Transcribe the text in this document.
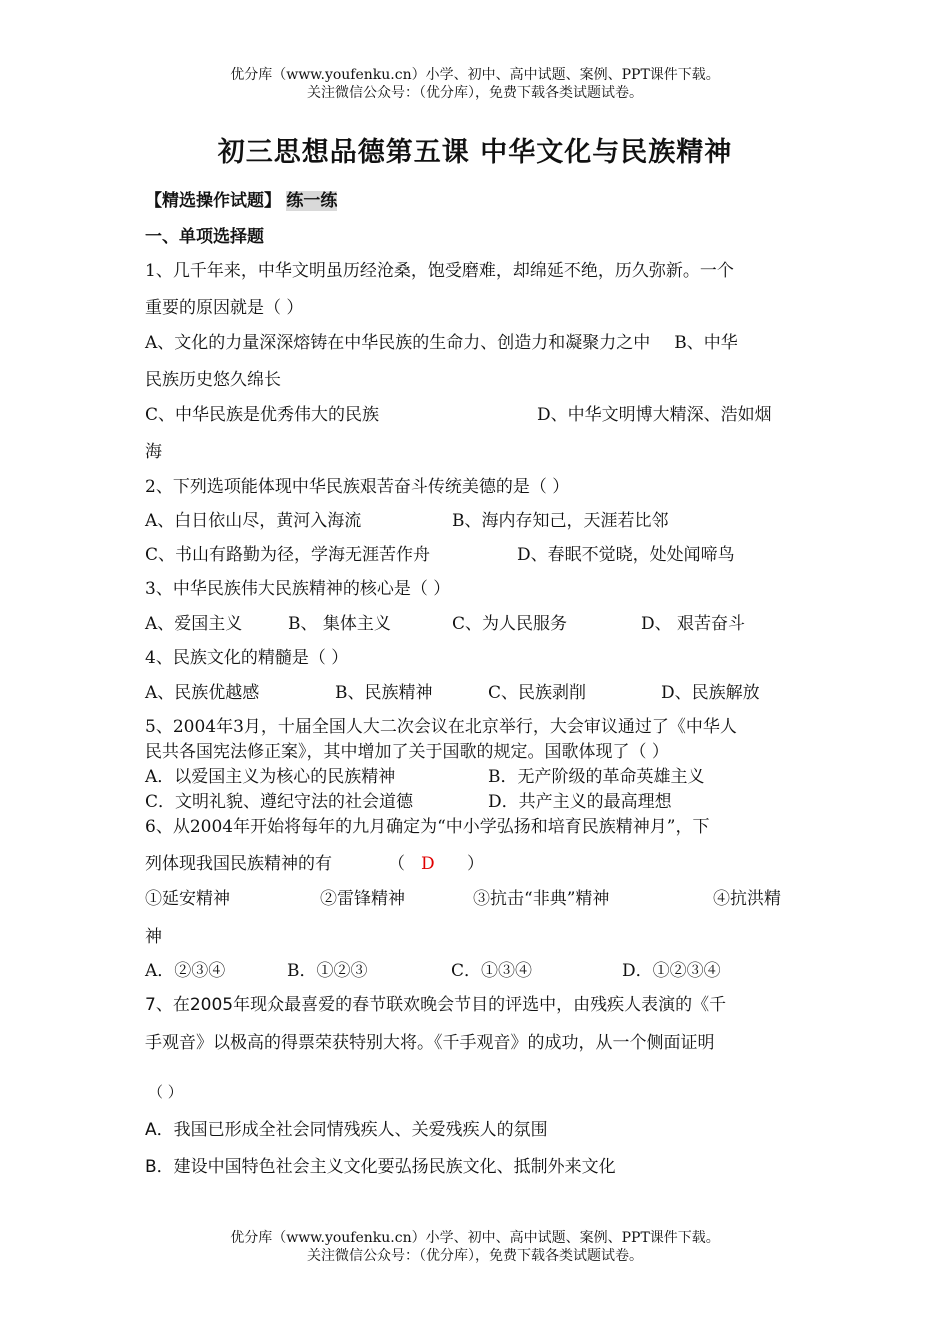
优分库（www.youfenku.cn）小学、初中、高中试题、案例、PPT课件下载。
关注微信公众号：（优分库），免费下载各类试题试卷。
初三思想品德第五课 中华文化与民族精神
【精选操作试题】 练一练
一、单项选择题
1、几千年来，中华文明虽历经沧桑，饱受磨难，却绵延不绝，历久弥新。一个
重要的原因就是（ ）
A、文化的力量深深熔铸在中华民族的生命力、创造力和凝聚力之中 B、中华
民族历史悠久绵长
C、中华民族是优秀伟大的民族	D、中华文明博大精深、浩如烟
海
2、下列选项能体现中华民族艰苦奋斗传统美德的是（ ）
A、白日依山尽，黄河入海流	B、海内存知己，天涯若比邻
C、书山有路勤为径，学海无涯苦作舟	D、春眠不觉晓，处处闻啼鸟
3、中华民族伟大民族精神的核心是（ ）
A、爱国主义	B、 集体主义	C、为人民服务	D、 艰苦奋斗
4、民族文化的精髓是（ ）
A、民族优越感	B、民族精神	C、民族剥削	D、民族解放
5、2004年3月，十届全国人大二次会议在北京举行，大会审议通过了《中华人
民共各国宪法修正案》，其中增加了关于国歌的规定。国歌体现了（ ）
A．以爱国主义为核心的民族精神	B．无产阶级的革命英雄主义
C．文明礼貌、遵纪守法的社会道德	D．共产主义的最高理想
6、从2004年开始将每年的九月确定为“中小学弘扬和培育民族精神月”，下
列体现我国民族精神的有	（ D ）
①延安精神	②雷锋精神	③抗击“非典”精神	④抗洪精
神
A．②③④	B．①②③	C．①③④	D．①②③④
7、在2005年现众最喜爱的春节联欢晚会节目的评选中，由残疾人表演的《千
手观音》以极高的得票荣获特别大将。《千手观音》的成功，从一个侧面证明
（ ）
A．我国已形成全社会同情残疾人、关爱残疾人的氛围
B．建设中国特色社会主义文化要弘扬民族文化、抵制外来文化
优分库（www.youfenku.cn）小学、初中、高中试题、案例、PPT课件下载。
关注微信公众号：（优分库），免费下载各类试题试卷。
